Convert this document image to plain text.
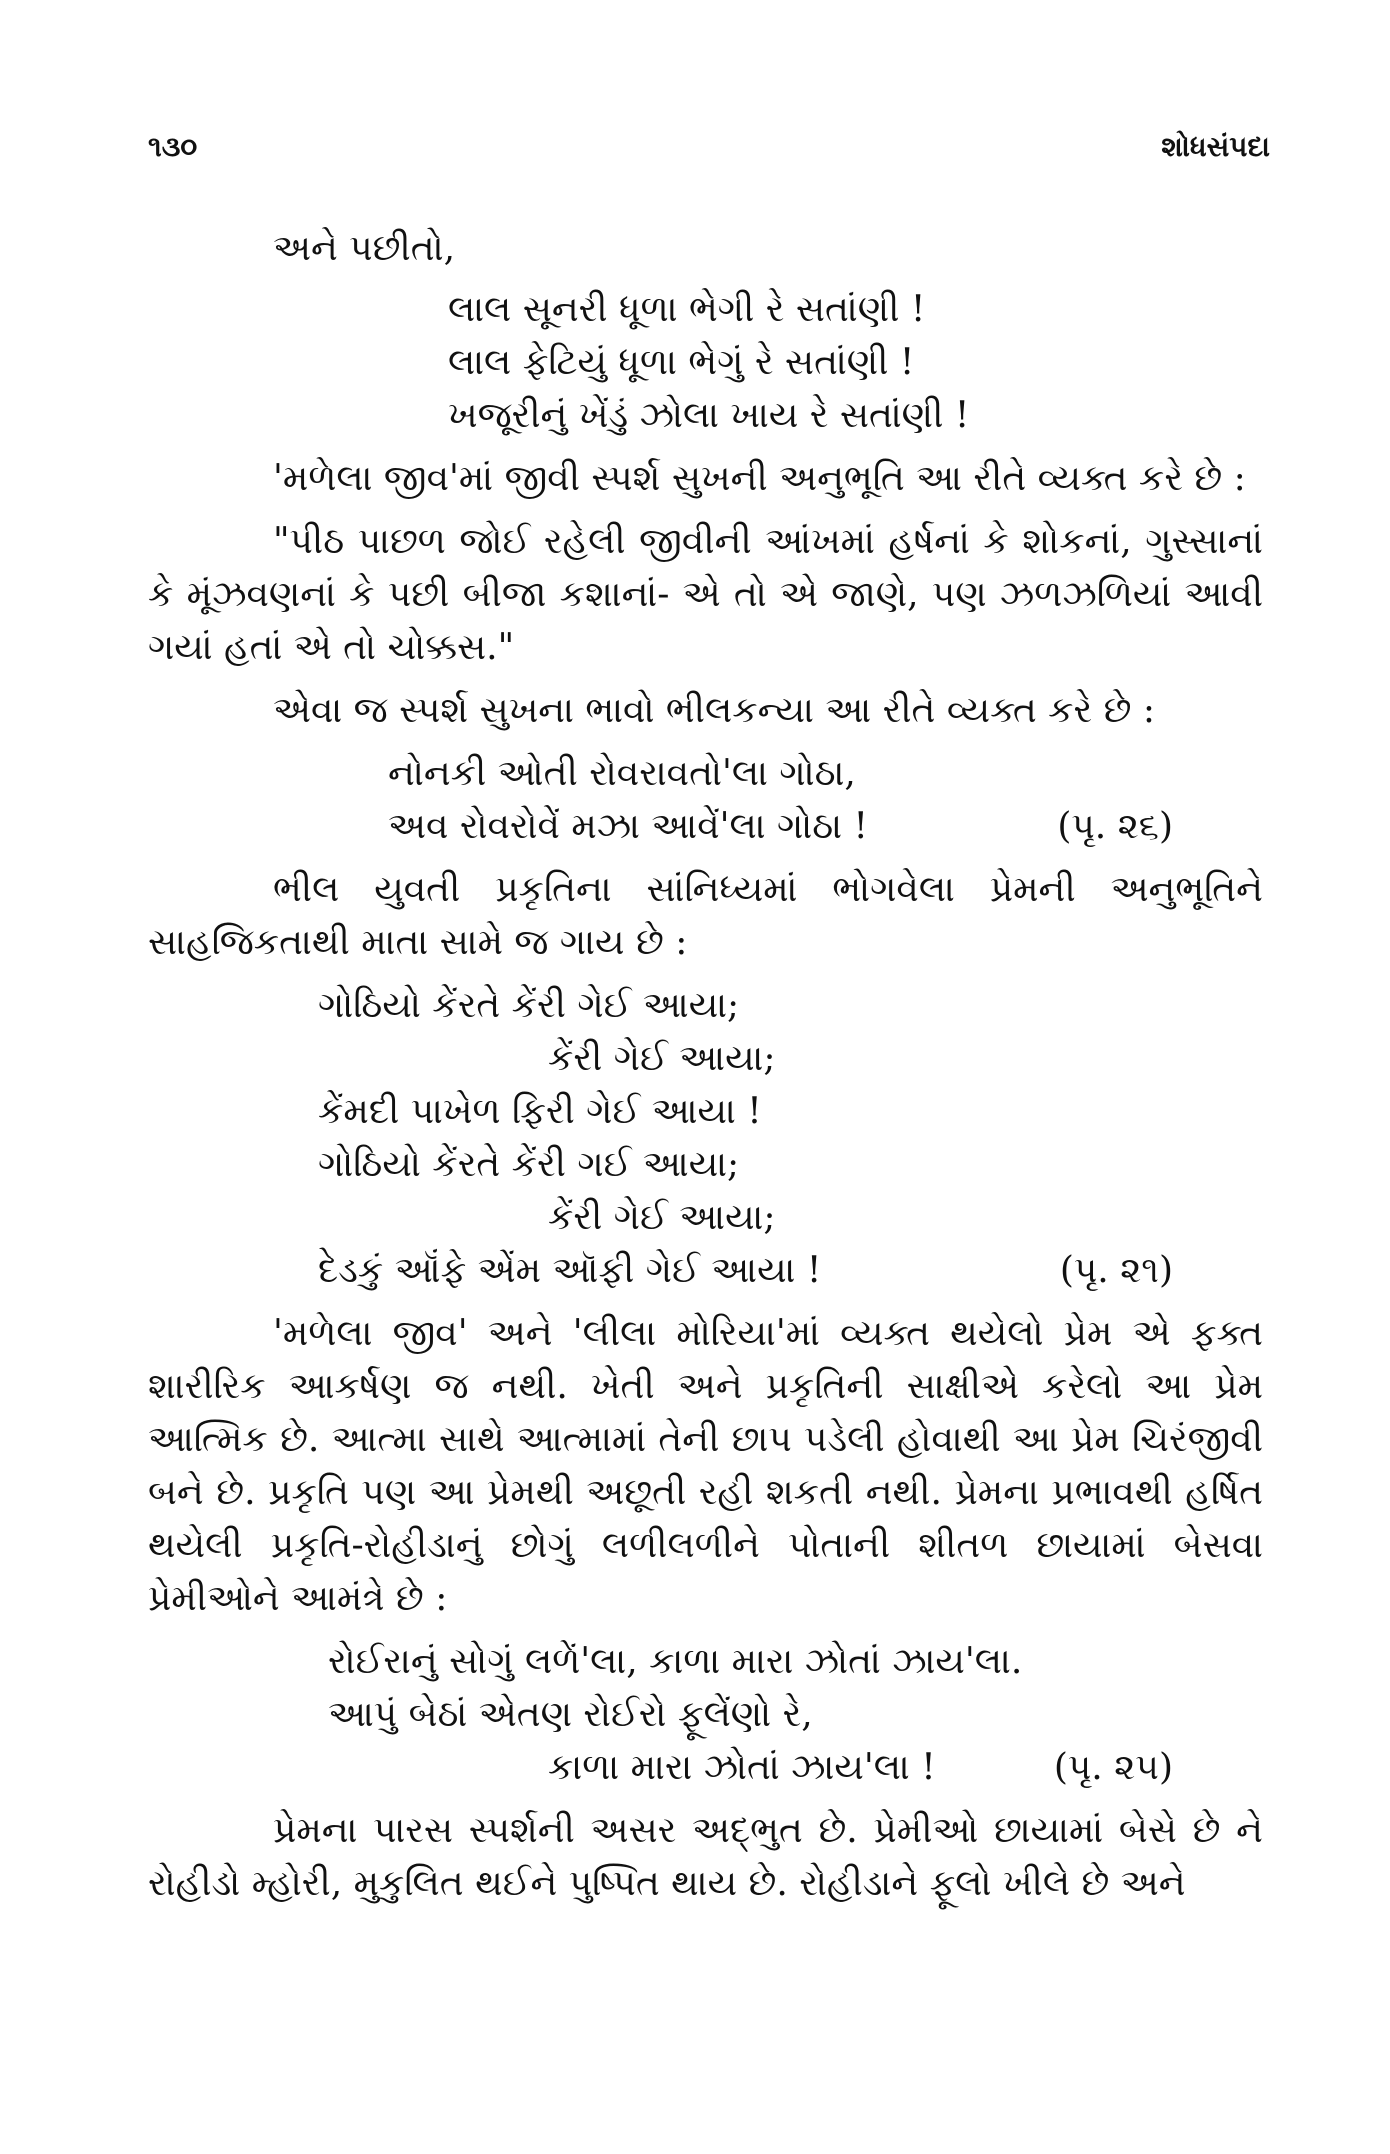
૧૩૦	શોધસંપદા

અને પછીતો,

લાલ સૂનરી ધૂળા ભેગી રે સતાંણી !

લાલ ફેટિયું ધૂળા ભેગું રે સતાંણી !

ખજૂરીનું ખેંડું ઝોલા ખાય રે સતાંણી !

'મળેલા જીવ'માં જીવી સ્પર્શ સુખની અનુભૂતિ આ રીતે વ્યક્ત કરે છે :

"પીઠ પાછળ જોઈ રહેલી જીવીની આંખમાં હર્ષનાં કે શોકનાં, ગુસ્સાનાં કે મૂંઝવણનાં કે પછી બીજા કશાનાં- એ તો એ જાણે, પણ ઝળઝળિયાં આવી ગયાં હતાં એ તો ચોક્કસ."

એવા જ સ્પર્શ સુખના ભાવો ભીલકન્યા આ રીતે વ્યક્ત કરે છે :

નોનકી ઓતી રોવરાવતો'લા ગોઠા,

અવ રોવરોવેં મઝા આવેં'લા ગોઠા !	(પૃ. ૨૬)

ભીલ યુવતી પ્રકૃતિના સાંનિધ્યમાં ભોગવેલા પ્રેમની અનુભૂતિને સાહજિકતાથી માતા સામે જ ગાય છે :

ગોઠિયો કેંરતે કેંરી ગેઈ આયા;

કેંરી ગેઈ આયા;

કેંમદી પાખેળ ફિરી ગેઈ આયા !

ગોઠિયો કેંરતે કેંરી ગઈ આયા;

કેંરી ગેઈ આયા;

દેડકું ઑંફે એંમ ઑફી ગેઈ આયા !	(પૃ. ૨૧)

'મળેલા જીવ' અને 'લીલા મોરિયા'માં વ્યક્ત થયેલો પ્રેમ એ ફક્ત શારીરિક આકર્ષણ જ નથી. ખેતી અને પ્રકૃતિની સાક્ષીએ કરેલો આ પ્રેમ આત્મિક છે. આત્મા સાથે આત્મામાં તેની છાપ પડેલી હોવાથી આ પ્રેમ ચિરંજીવી બને છે. પ્રકૃતિ પણ આ પ્રેમથી અછૂતી રહી શકતી નથી. પ્રેમના પ્રભાવથી હર્ષિત થયેલી પ્રકૃતિ-રોહીડાનું છોગું લળીલળીને પોતાની શીતળ છાયામાં બેસવા પ્રેમીઓને આમંત્રે છે :

રોઈરાનું સોગું લળેં'લા, કાળા મારા ઝોતાં ઝાય'લા.

આપું બેઠાં એતણ રોઈરો ફૂલેંણો રે,

કાળા મારા ઝોતાં ઝાય'લા !	(પૃ. ૨૫)

પ્રેમના પારસ સ્પર્શની અસર અદ્ભુત છે. પ્રેમીઓ છાયામાં બેસે છે ને રોહીડો મ્હોરી, મુકુલિત થઈને પુષ્પિત થાય છે. રોહીડાને ફૂલો ખીલે છે અને
